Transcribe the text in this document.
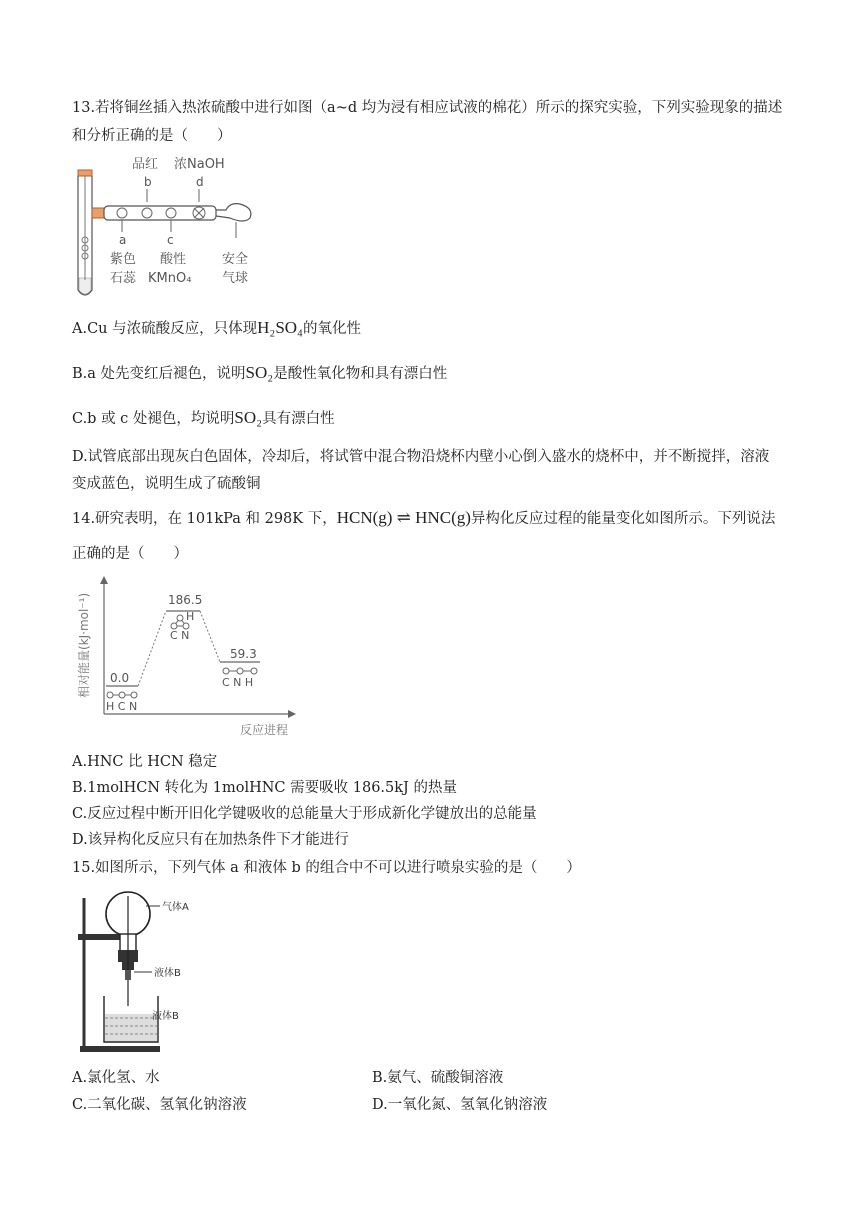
13.若将铜丝插入热浓硫酸中进行如图（a~d 均为浸有相应试液的棉花）所示的探究实验，下列实验现象的描述
和分析正确的是（　　）
品红 浓NaOH
b	d
a	c
紫色
石蕊
酸性
KMnO₄
安全
气球
A.Cu 与浓硫酸反应，只体现H₂SO₄的氧化性
B.a 处先变红后褪色，说明SO₂是酸性氧化物和具有漂白性
C.b 或 c 处褪色，均说明SO₂具有漂白性
D.试管底部出现灰白色固体，冷却后，将试管中混合物沿烧杯内壁小心倒入盛水的烧杯中，并不断搅拌，溶液
变成蓝色，说明生成了硫酸铜
14.研究表明，在 101kPa 和 298K 下，HCN(g) ⇌ HNC(g)异构化反应过程的能量变化如图所示。下列说法
正确的是（　　）
相对能量(kJ·mol⁻¹)
反应进程
0.0
186.5
59.3
H C N
H
C N
C N H
A.HNC 比 HCN 稳定
B.1molHCN 转化为 1molHNC 需要吸收 186.5kJ 的热量
C.反应过程中断开旧化学键吸收的总能量大于形成新化学键放出的总能量
D.该异构化反应只有在加热条件下才能进行
15.如图所示，下列气体 a 和液体 b 的组合中不可以进行喷泉实验的是（　　）
气体A
液体B
液体B
A.氯化氢、水	B.氨气、硫酸铜溶液
C.二氧化碳、氢氧化钠溶液	D.一氧化氮、氢氧化钠溶液
